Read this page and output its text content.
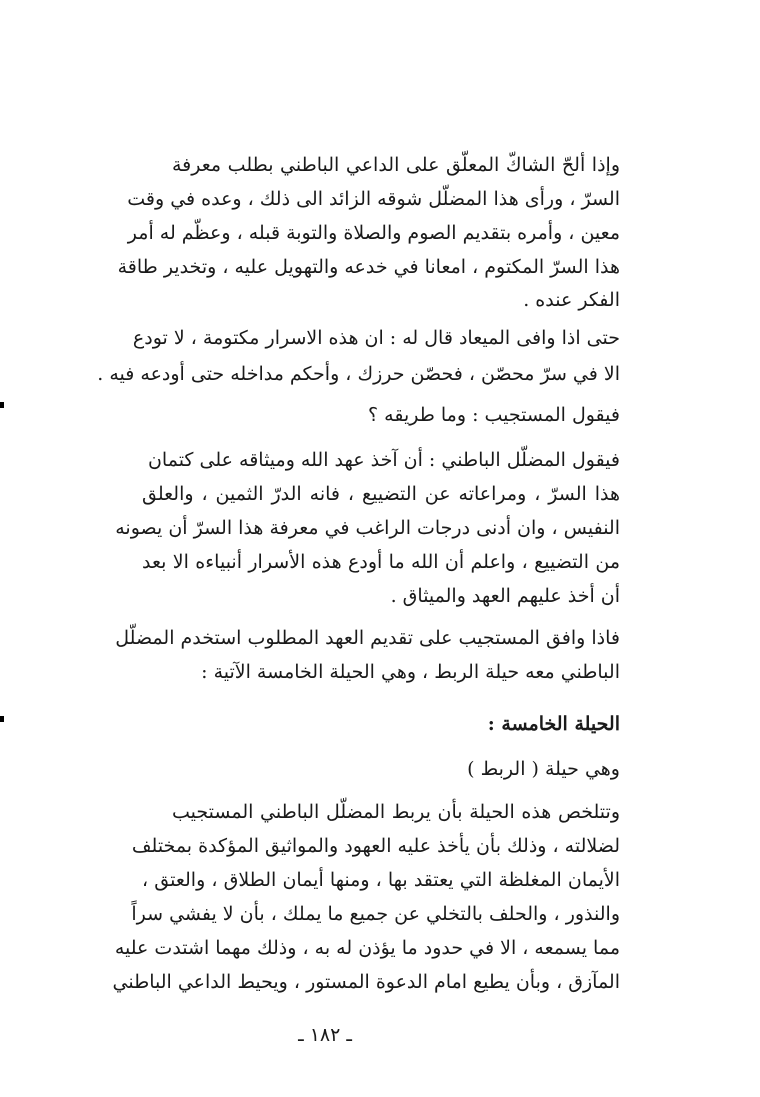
وإذا ألحّ الشاكّ المعلّق على الداعي الباطني بطلب معرفة
السرّ ، ورأى هذا المضلّل شوقه الزائد الى ذلك ، وعده في وقت
معين ، وأمره بتقديم الصوم والصلاة والتوبة قبله ، وعظّم له أمر
هذا السرّ المكتوم ، امعانا في خدعه والتهويل عليه ، وتخدير طاقة
الفكر عنده .
حتى اذا وافى الميعاد قال له : ان هذه الاسرار مكتومة ، لا تودع
الا في سرّ محصّن ، فحصّن حرزك ، وأحكم مداخله حتى أودعه فيه .
فيقول المستجيب : وما طريقه ؟
فيقول المضلّل الباطني : أن آخذ عهد الله وميثاقه على كتمان
هذا السرّ ، ومراعاته عن التضييع ، فانه الدرّ الثمين ، والعلق
النفيس ، وان أدنى درجات الراغب في معرفة هذا السرّ أن يصونه
من التضييع ، واعلم أن الله ما أودع هذه الأسرار أنبياءه الا بعد
أن أخذ عليهم العهد والميثاق .
فاذا وافق المستجيب على تقديم العهد المطلوب استخدم المضلّل
الباطني معه حيلة الربط ، وهي الحيلة الخامسة الآتية :
الحيلة الخامسة :
وهي حيلة ( الربط )
وتتلخص هذه الحيلة بأن يربط المضلّل الباطني المستجيب
لضلالته ، وذلك بأن يأخذ عليه العهود والمواثيق المؤكدة بمختلف
الأيمان المغلظة التي يعتقد بها ، ومنها أيمان الطلاق ، والعتق ،
والنذور ، والحلف بالتخلي عن جميع ما يملك ، بأن لا يفشي سراً
مما يسمعه ، الا في حدود ما يؤذن له به ، وذلك مهما اشتدت عليه
المآزق ، وبأن يطيع امام الدعوة المستور ، ويحيط الداعي الباطني
ـ ١٨٢ ـ
